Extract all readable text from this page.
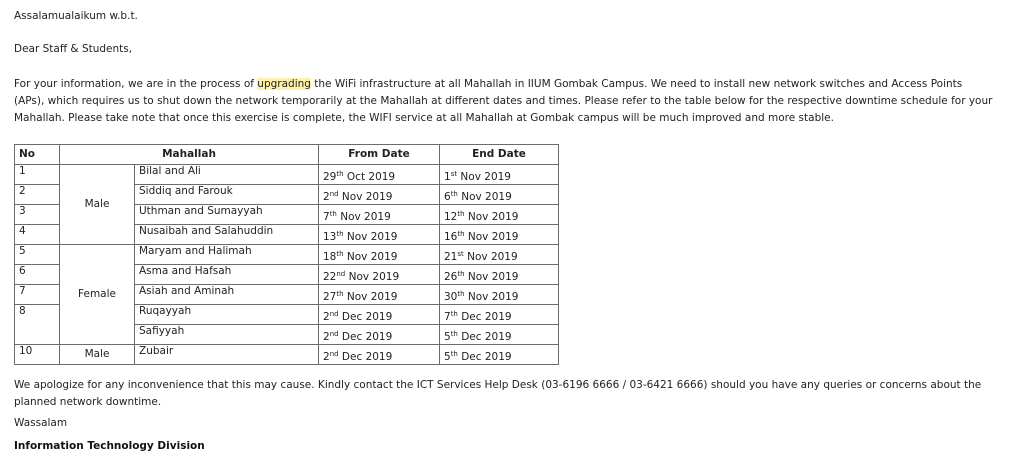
Assalamualaikum w.b.t.

Dear Staff & Students,

For your information, we are in the process of upgrading the WiFi infrastructure at all Mahallah in IIUM Gombak Campus. We need to install new network switches and Access Points (APs), which requires us to shut down the network temporarily at the Mahallah at different dates and times. Please refer to the table below for the respective downtime schedule for your Mahallah. Please take note that once this exercise is complete, the WIFI service at all Mahallah at Gombak campus will be much improved and more stable.

No	Mahallah		From Date	End Date
1	Male	Bilal and Ali	29th Oct 2019	1st Nov 2019
2		Siddiq and Farouk	2nd Nov 2019	6th Nov 2019
3		Uthman and Sumayyah	7th Nov 2019	12th Nov 2019
4		Nusaibah and Salahuddin	13th Nov 2019	16th Nov 2019
5	Female	Maryam and Halimah	18th Nov 2019	21st Nov 2019
6		Asma and Hafsah	22nd Nov 2019	26th Nov 2019
7		Asiah and Aminah	27th Nov 2019	30th Nov 2019
8		Ruqayyah	2nd Dec 2019	7th Dec 2019
		Safiyyah	2nd Dec 2019	5th Dec 2019
10	Male	Zubair	2nd Dec 2019	5th Dec 2019

We apologize for any inconvenience that this may cause. Kindly contact the ICT Services Help Desk (03-6196 6666 / 03-6421 6666) should you have any queries or concerns about the planned network downtime.

Wassalam

Information Technology Division
